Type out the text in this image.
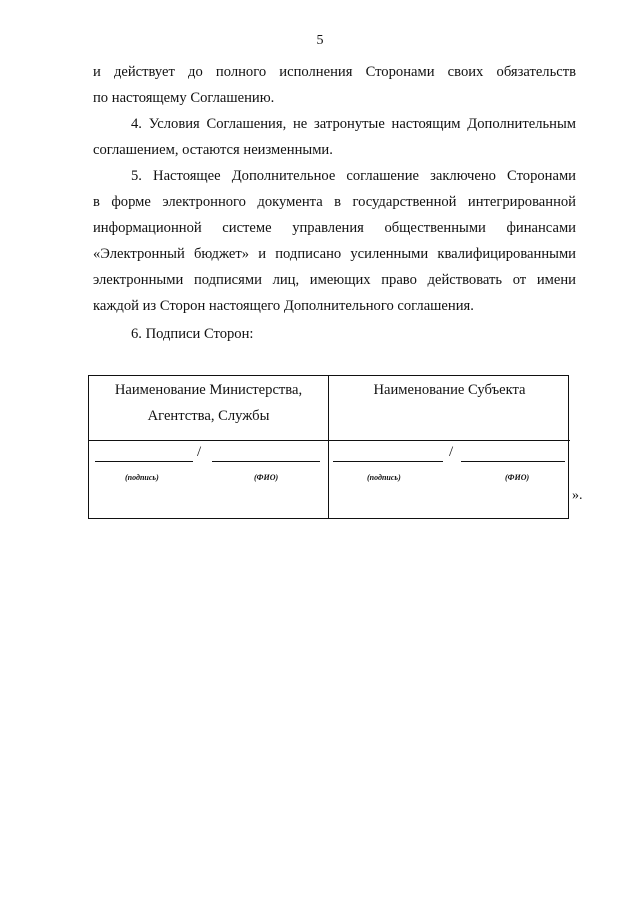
5

и действует до полного исполнения Сторонами своих обязательств
по настоящему Соглашению.

4. Условия Соглашения, не затронутые настоящим Дополнительным
соглашением, остаются неизменными.

5. Настоящее Дополнительное соглашение заключено Сторонами
в форме электронного документа в государственной интегрированной
информационной системе управления общественными финансами
«Электронный бюджет» и подписано усиленными квалифицированными
электронными подписями лиц, имеющих право действовать от имени
каждой из Сторон настоящего Дополнительного соглашения.

6. Подписи Сторон:

Наименование Министерства,
Агентства, Службы
/
(подпись)	(ФИО)
Наименование Субъекта
/
(подпись)	(ФИО)
».
